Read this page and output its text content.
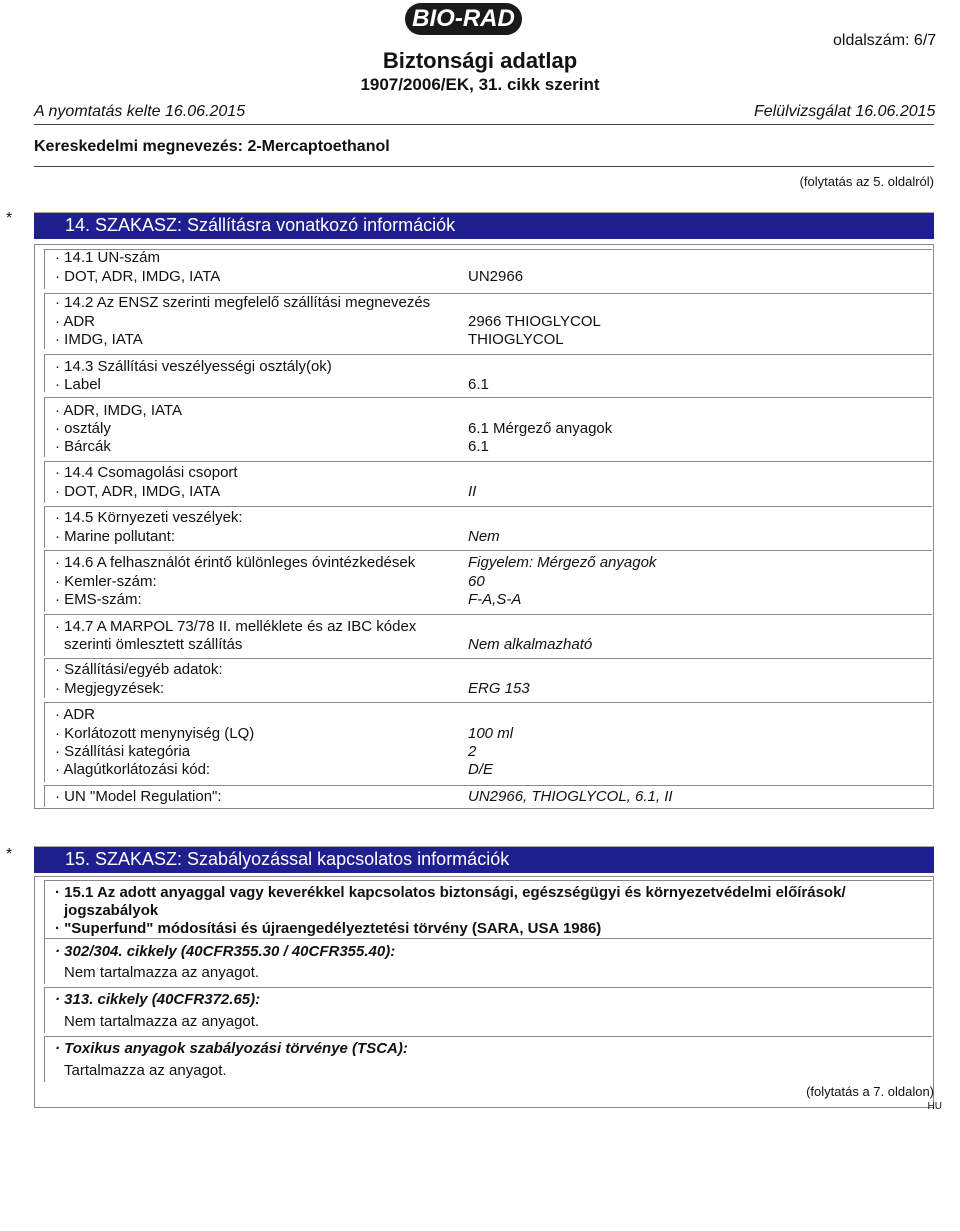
BIO-RAD
oldalszám: 6/7
Biztonsági adatlap
1907/2006/EK, 31. cikk szerint
A nyomtatás kelte 16.06.2015	Felülvizsgálat 16.06.2015
Kereskedelmi megnevezés: 2-Mercaptoethanol
(folytatás az 5. oldalról)
*	14. SZAKASZ: Szállításra vonatkozó információk
· 14.1 UN-szám
· DOT, ADR, IMDG, IATA	UN2966
· 14.2 Az ENSZ szerinti megfelelő szállítási megnevezés
· ADR	2966 THIOGLYCOL
· IMDG, IATA	THIOGLYCOL
· 14.3 Szállítási veszélyességi osztály(ok)
· Label	6.1
· ADR, IMDG, IATA
· osztály	6.1 Mérgező anyagok
· Bárcák	6.1
· 14.4 Csomagolási csoport
· DOT, ADR, IMDG, IATA	II
· 14.5 Környezeti veszélyek:
· Marine pollutant:	Nem
· 14.6 A felhasználót érintő különleges óvintézkedések	Figyelem: Mérgező anyagok
· Kemler-szám:	60
· EMS-szám:	F-A,S-A
· 14.7 A MARPOL 73/78 II. melléklete és az IBC kódex
szerinti ömlesztett szállítás	Nem alkalmazható
· Szállítási/egyéb adatok:
· Megjegyzések:	ERG 153
· ADR
· Korlátozott menynyiség (LQ)	100 ml
· Szállítási kategória	2
· Alagútkorlátozási kód:	D/E
· UN "Model Regulation":	UN2966, THIOGLYCOL, 6.1, II
*	15. SZAKASZ: Szabályozással kapcsolatos információk
· 15.1 Az adott anyaggal vagy keverékkel kapcsolatos biztonsági, egészségügyi és környezetvédelmi előírások/
jogszabályok
· "Superfund" módosítási és újraengedélyeztetési törvény (SARA, USA 1986)
· 302/304. cikkely (40CFR355.30 / 40CFR355.40):
Nem tartalmazza az anyagot.
· 313. cikkely (40CFR372.65):
Nem tartalmazza az anyagot.
· Toxikus anyagok szabályozási törvénye (TSCA):
Tartalmazza az anyagot.
(folytatás a 7. oldalon)
HU
